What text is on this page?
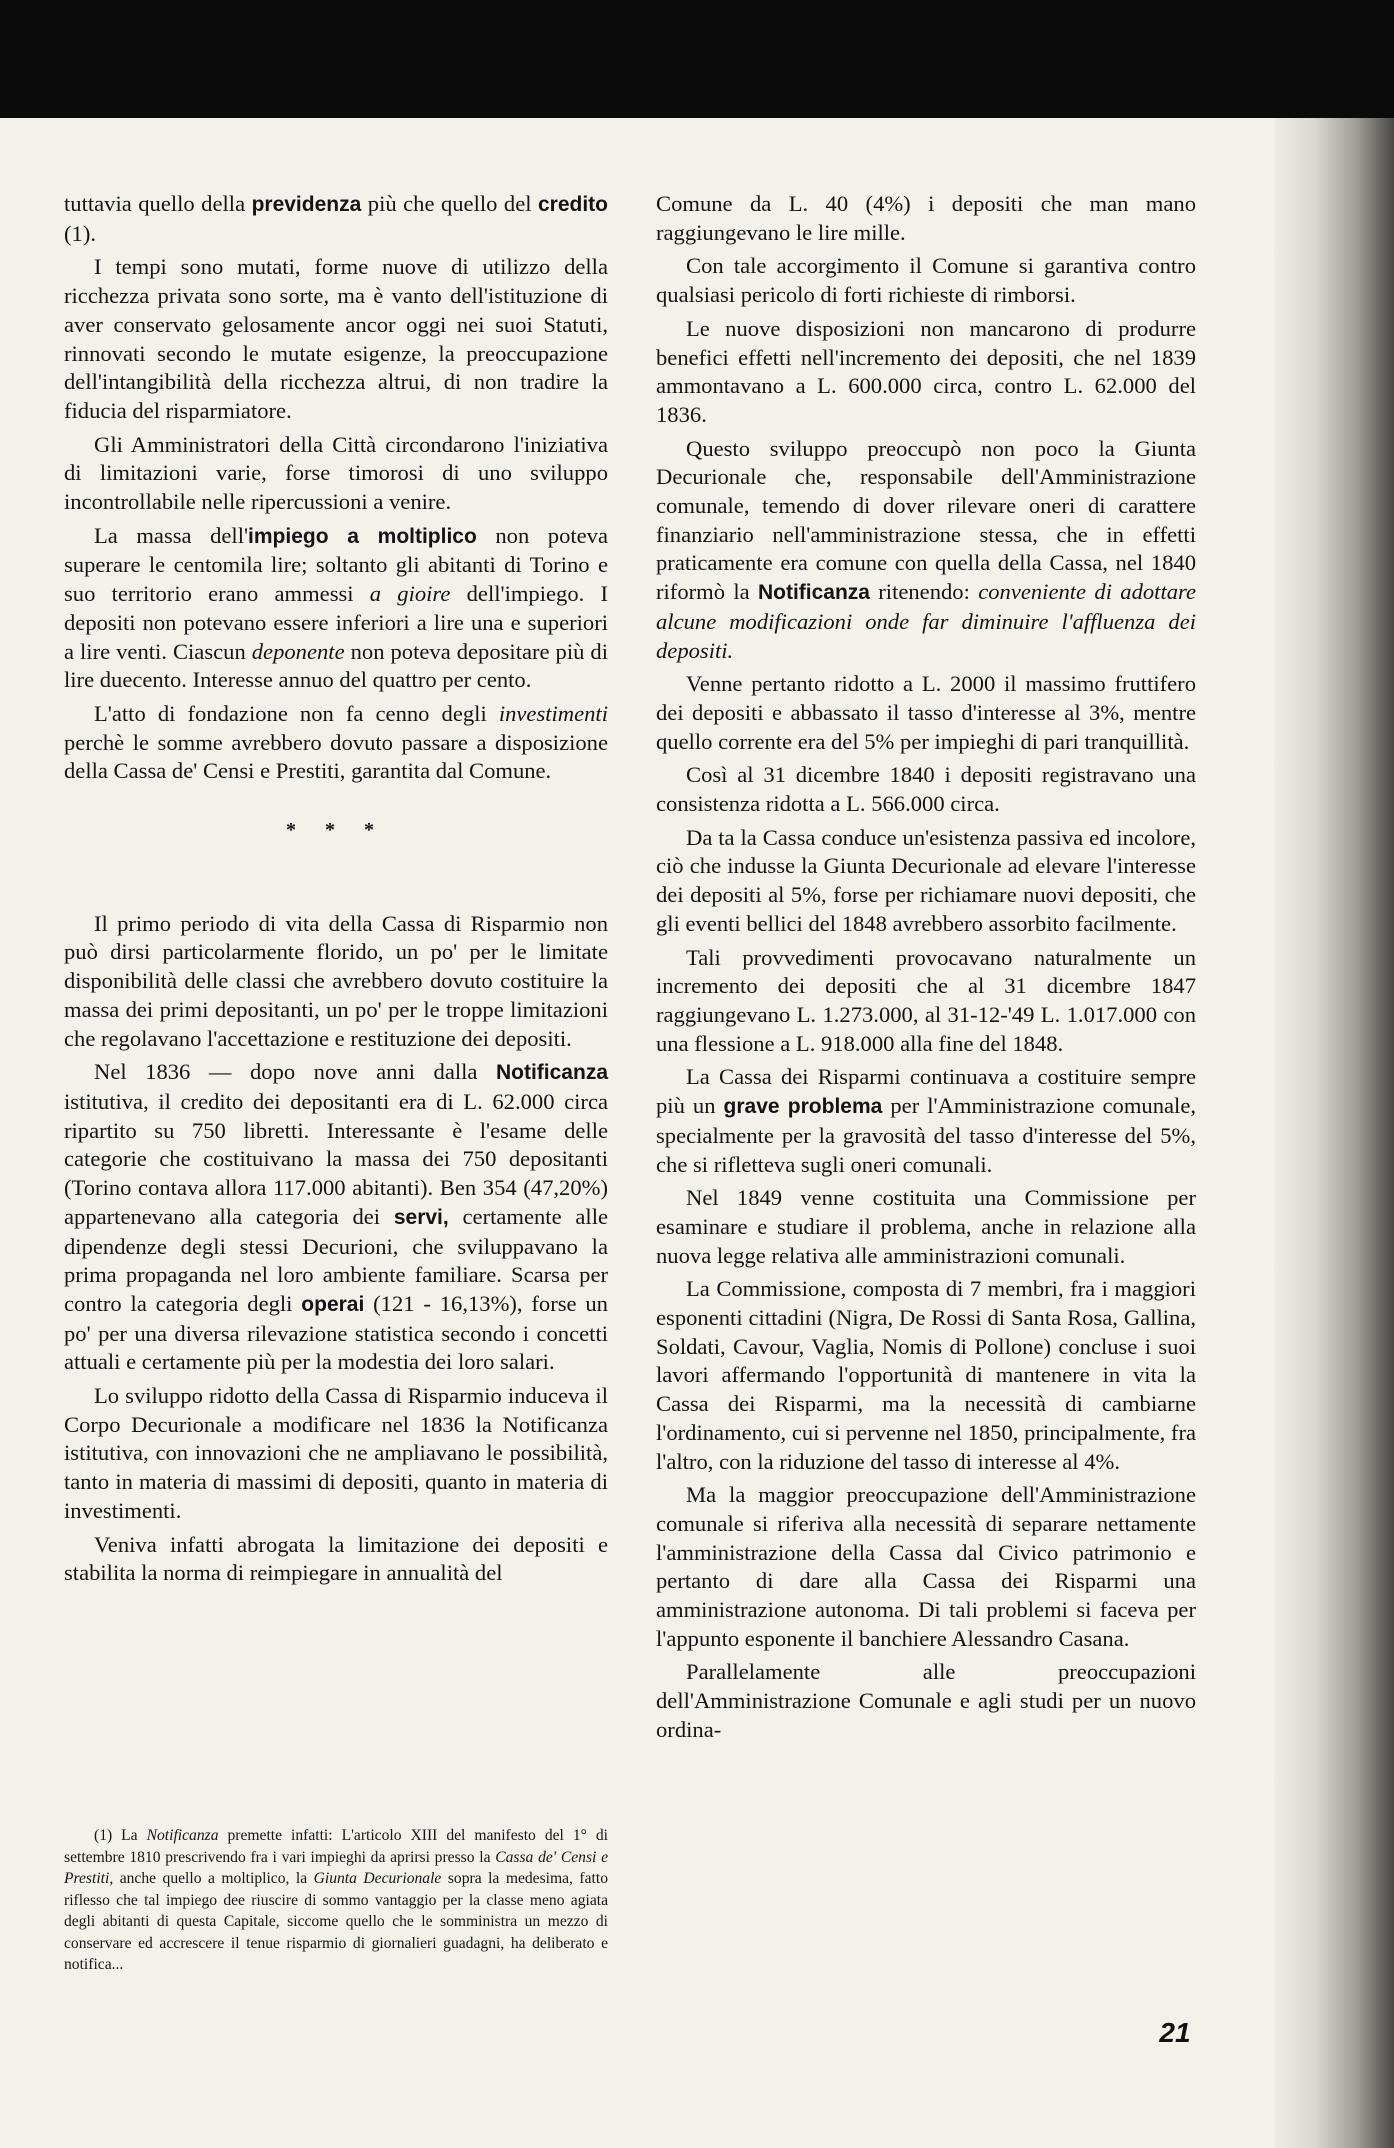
tuttavia quello della previdenza più che quello del credito (1).

I tempi sono mutati, forme nuove di utilizzo della ricchezza privata sono sorte, ma è vanto dell'istituzione di aver conservato gelosamente ancor oggi nei suoi Statuti, rinnovati secondo le mutate esigenze, la preoccupazione dell'intangibilità della ricchezza altrui, di non tradire la fiducia del risparmiatore.

Gli Amministratori della Città circondarono l'iniziativa di limitazioni varie, forse timorosi di uno sviluppo incontrollabile nelle ripercussioni a venire.

La massa dell'impiego a moltiplico non poteva superare le centomila lire; soltanto gli abitanti di Torino e suo territorio erano ammessi a gioire dell'impiego. I depositi non potevano essere inferiori a lire una e superiori a lire venti. Ciascun deponente non poteva depositare più di lire duecento. Interesse annuo del quattro per cento.

L'atto di fondazione non fa cenno degli investimenti perchè le somme avrebbero dovuto passare a disposizione della Cassa de' Censi e Prestiti, garantita dal Comune.

* * *

Il primo periodo di vita della Cassa di Risparmio non può dirsi particolarmente florido, un po' per le limitate disponibilità delle classi che avrebbero dovuto costituire la massa dei primi depositanti, un po' per le troppe limitazioni che regolavano l'accettazione e restituzione dei depositi.

Nel 1836 — dopo nove anni dalla Notificanza istitutiva, il credito dei depositanti era di L. 62.000 circa ripartito su 750 libretti. Interessante è l'esame delle categorie che costituivano la massa dei 750 depositanti (Torino contava allora 117.000 abitanti). Ben 354 (47,20%) appartenevano alla categoria dei servi, certamente alle dipendenze degli stessi Decurioni, che sviluppavano la prima propaganda nel loro ambiente familiare. Scarsa per contro la categoria degli operai (121 - 16,13%), forse un po' per una diversa rilevazione statistica secondo i concetti attuali e certamente più per la modestia dei loro salari.

Lo sviluppo ridotto della Cassa di Risparmio induceva il Corpo Decurionale a modificare nel 1836 la Notificanza istitutiva, con innovazioni che ne ampliavano le possibilità, tanto in materia di massimi di depositi, quanto in materia di investimenti.

Veniva infatti abrogata la limitazione dei depositi e stabilita la norma di reimpiegare in annualità del

(1) La Notificanza premette infatti: L'articolo XIII del manifesto del 1° di settembre 1810 prescrivendo fra i vari impieghi da aprirsi presso la Cassa de' Censi e Prestiti, anche quello a moltiplico, la Giunta Decurionale sopra la medesima, fatto riflesso che tal impiego dee riuscire di sommo vantaggio per la classe meno agiata degli abitanti di questa Capitale, siccome quello che le somministra un mezzo di conservare ed accrescere il tenue risparmio di giornalieri guadagni, ha deliberato e notifica...

Comune da L. 40 (4%) i depositi che man mano raggiungevano le lire mille.

Con tale accorgimento il Comune si garantiva contro qualsiasi pericolo di forti richieste di rimborsi.

Le nuove disposizioni non mancarono di produrre benefici effetti nell'incremento dei depositi, che nel 1839 ammontavano a L. 600.000 circa, contro L. 62.000 del 1836.

Questo sviluppo preoccupò non poco la Giunta Decurionale che, responsabile dell'Amministrazione comunale, temendo di dover rilevare oneri di carattere finanziario nell'amministrazione stessa, che in effetti praticamente era comune con quella della Cassa, nel 1840 riformò la Notificanza ritenendo: conveniente di adottare alcune modificazioni onde far diminuire l'affluenza dei depositi.

Venne pertanto ridotto a L. 2000 il massimo fruttifero dei depositi e abbassato il tasso d'interesse al 3%, mentre quello corrente era del 5% per impieghi di pari tranquillità.

Così al 31 dicembre 1840 i depositi registravano una consistenza ridotta a L. 566.000 circa.

Da ta la Cassa conduce un'esistenza passiva ed incolore, ciò che indusse la Giunta Decurionale ad elevare l'interesse dei depositi al 5%, forse per richiamare nuovi depositi, che gli eventi bellici del 1848 avrebbero assorbito facilmente.

Tali provvedimenti provocavano naturalmente un incremento dei depositi che al 31 dicembre 1847 raggiungevano L. 1.273.000, al 31-12-'49 L. 1.017.000 con una flessione a L. 918.000 alla fine del 1848.

La Cassa dei Risparmi continuava a costituire sempre più un grave problema per l'Amministrazione comunale, specialmente per la gravosità del tasso d'interesse del 5%, che si rifletteva sugli oneri comunali.

Nel 1849 venne costituita una Commissione per esaminare e studiare il problema, anche in relazione alla nuova legge relativa alle amministrazioni comunali.

La Commissione, composta di 7 membri, fra i maggiori esponenti cittadini (Nigra, De Rossi di Santa Rosa, Gallina, Soldati, Cavour, Vaglia, Nomis di Pollone) concluse i suoi lavori affermando l'opportunità di mantenere in vita la Cassa dei Risparmi, ma la necessità di cambiarne l'ordinamento, cui si pervenne nel 1850, principalmente, fra l'altro, con la riduzione del tasso di interesse al 4%.

Ma la maggior preoccupazione dell'Amministrazione comunale si riferiva alla necessità di separare nettamente l'amministrazione della Cassa dal Civico patrimonio e pertanto di dare alla Cassa dei Risparmi una amministrazione autonoma. Di tali problemi si faceva per l'appunto esponente il banchiere Alessandro Casana.

Parallelamente alle preoccupazioni dell'Amministrazione Comunale e agli studi per un nuovo ordina-

21
